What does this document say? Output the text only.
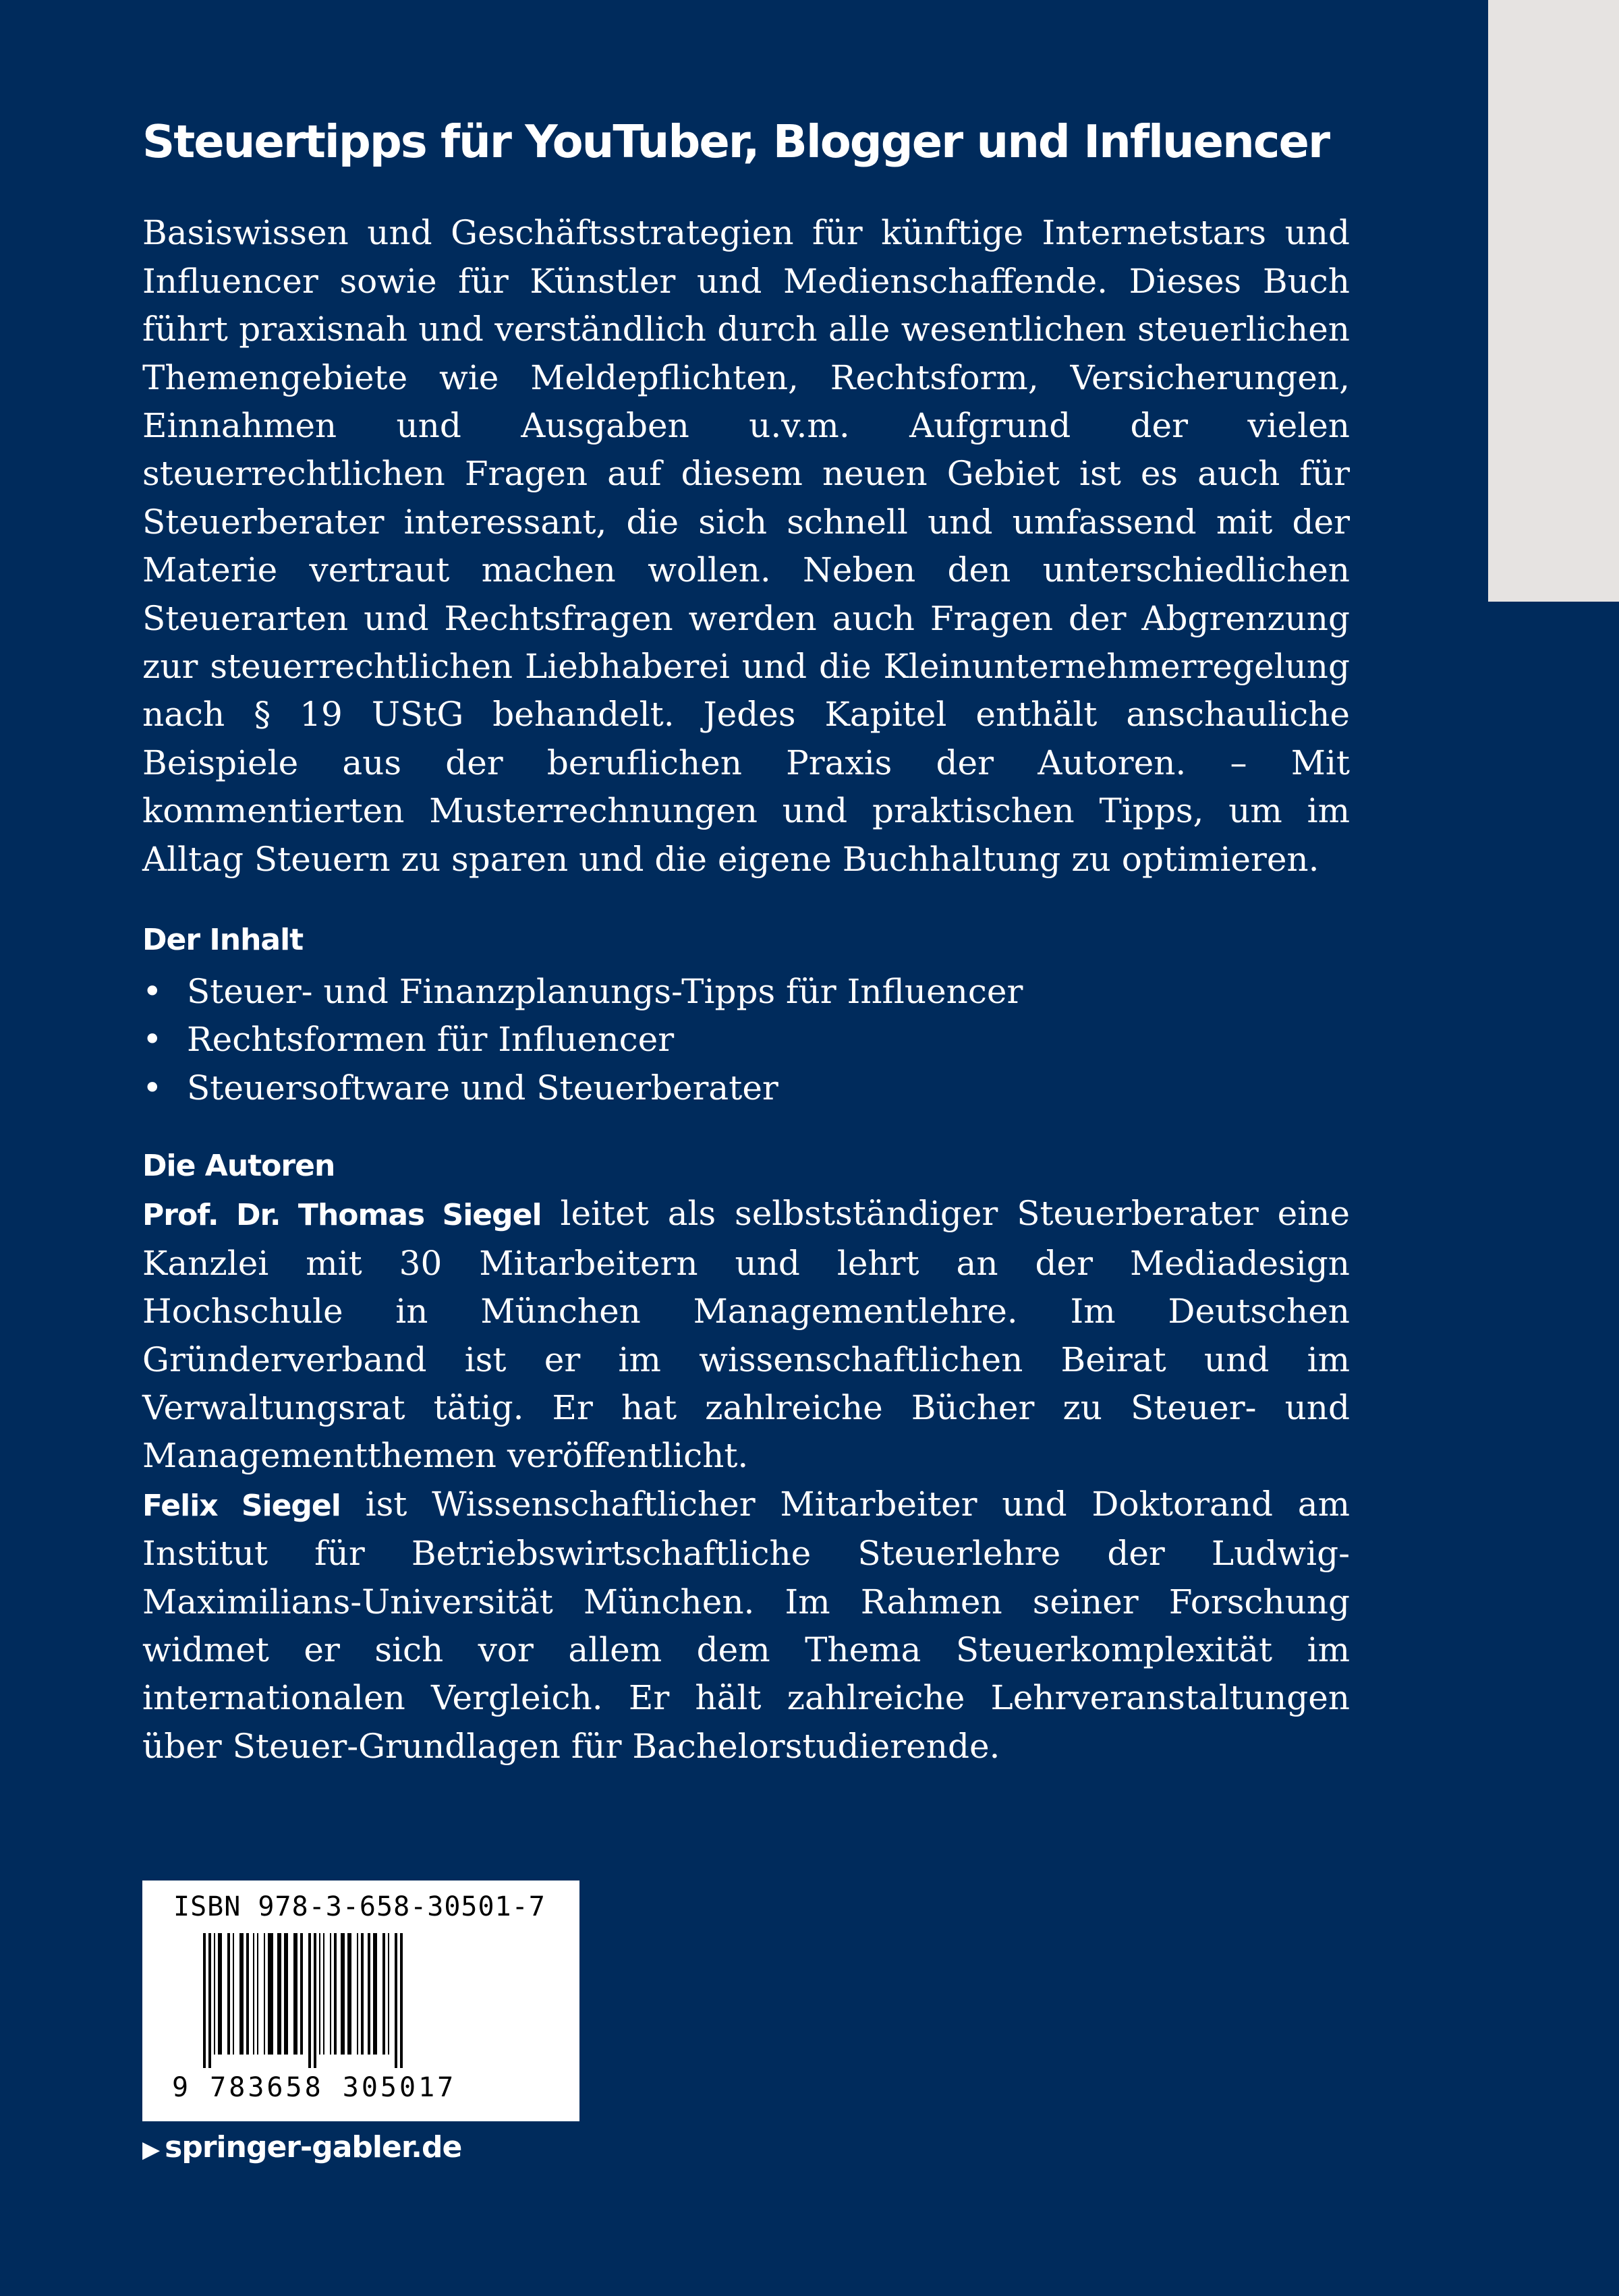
Steuertipps für YouTuber, Blogger und Influencer

Basiswissen und Geschäftsstrategien für künftige Internetstars und Influencer sowie für Künstler und Medienschaffende. Dieses Buch führt praxisnah und verständlich durch alle wesentlichen steuerlichen Themengebiete wie Meldepflichten, Rechtsform, Versicherungen, Einnahmen und Ausgaben u.v.m. Aufgrund der vielen steuerrechtlichen Fragen auf diesem neuen Gebiet ist es auch für Steuerberater interessant, die sich schnell und umfassend mit der Materie vertraut machen wollen. Neben den unterschiedlichen Steuerarten und Rechtsfragen werden auch Fragen der Abgrenzung zur steuerrechtlichen Liebhaberei und die Kleinunternehmerregelung nach § 19 UStG behandelt. Jedes Kapitel enthält anschauliche Beispiele aus der beruflichen Praxis der Autoren. – Mit kommentierten Musterrechnungen und praktischen Tipps, um im Alltag Steuern zu sparen und die eigene Buchhaltung zu optimieren.

Der Inhalt
• Steuer- und Finanzplanungs-Tipps für Influencer
• Rechtsformen für Influencer
• Steuersoftware und Steuerberater
Die Autoren

Prof. Dr. Thomas Siegel leitet als selbstständiger Steuerberater eine Kanzlei mit 30 Mitarbeitern und lehrt an der Mediadesign Hochschule in München Managementlehre. Im Deutschen Gründerverband ist er im wissenschaftlichen Beirat und im Verwaltungsrat tätig. Er hat zahlreiche Bücher zu Steuer- und Managementthemen veröffentlicht.

Felix Siegel ist Wissenschaftlicher Mitarbeiter und Doktorand am Institut für Betriebswirtschaftliche Steuerlehre der Ludwig-Maximilians-Universität München. Im Rahmen seiner Forschung widmet er sich vor allem dem Thema Steuerkomplexität im internationalen Vergleich. Er hält zahlreiche Lehrveranstaltungen über Steuer-Grundlagen für Bachelorstudierende.

ISBN 978-3-658-30501-7
9 783658 305017
▶ springer-gabler.de
